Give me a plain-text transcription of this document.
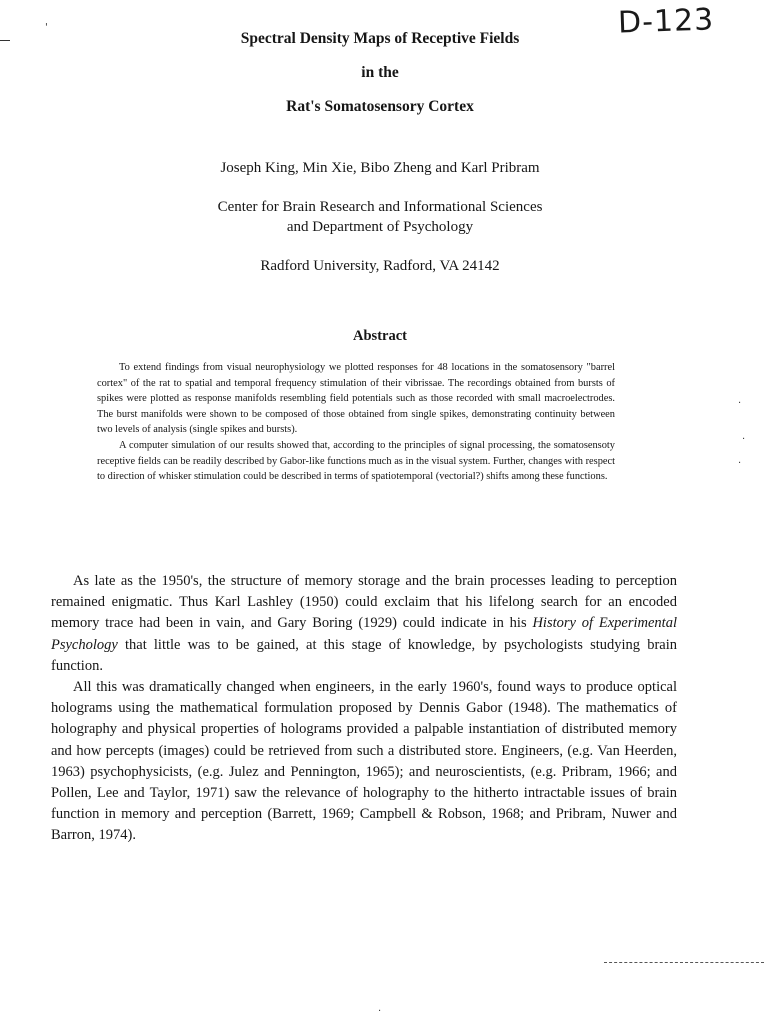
'	D-123
Spectral Density Maps of Receptive Fields
in the
Rat's Somatosensory Cortex
Joseph King, Min Xie, Bibo Zheng and Karl Pribram
Center for Brain Research and Informational Sciences
and Department of Psychology
Radford University, Radford, VA 24142
Abstract

To extend findings from visual neurophysiology we plotted responses for 48 locations in the somatosensory "barrel cortex" of the rat to spatial and temporal frequency stimulation of their vibrissae. The recordings obtained from bursts of spikes were plotted as response manifolds resembling field potentials such as those recorded with small macroelectrodes. The burst manifolds were shown to be composed of those obtained from single spikes, demonstrating continuity between two levels of analysis (single spikes and bursts).

A computer simulation of our results showed that, according to the principles of signal processing, the somatosensoty receptive fields can be readily described by Gabor-like functions much as in the visual system. Further, changes with respect to direction of whisker stimulation could be described in terms of spatiotemporal (vectorial?) shifts among these functions.

As late as the 1950's, the structure of memory storage and the brain processes leading to perception remained enigmatic. Thus Karl Lashley (1950) could exclaim that his lifelong search for an encoded memory trace had been in vain, and Gary Boring (1929) could indicate in his History of Experimental Psychology that little was to be gained, at this stage of knowledge, by psychologists studying brain function.

All this was dramatically changed when engineers, in the early 1960's, found ways to produce optical holograms using the mathematical formulation proposed by Dennis Gabor (1948). The mathematics of holography and physical properties of holograms provided a palpable instantiation of distributed memory and how percepts (images) could be retrieved from such a distributed store. Engineers, (e.g. Van Heerden, 1963) psychophysicists, (e.g. Julez and Pennington, 1965); and neuroscientists, (e.g. Pribram, 1966; and Pollen, Lee and Taylor, 1971) saw the relevance of holography to the hitherto intractable issues of brain function in memory and perception (Barrett, 1969; Campbell & Robson, 1968; and Pribram, Nuwer and Barron, 1974).

·
·
·
·
